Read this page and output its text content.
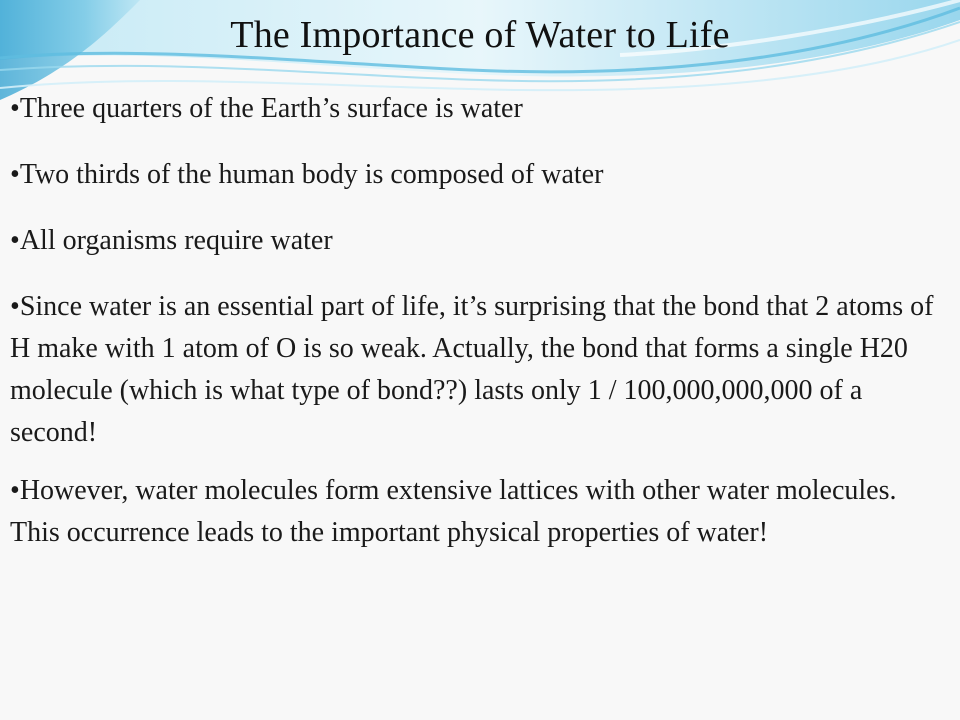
The Importance of Water to Life
•Three quarters of the Earth’s surface is water
•Two thirds of the human body is composed of water
•All organisms require water
•Since water is an essential part of life, it’s surprising that the bond that 2 atoms of H make with 1 atom of O is so weak. Actually, the bond that forms a single H20 molecule (which is what type of bond??) lasts only 1 / 100,000,000,000 of a second!
•However, water molecules form extensive lattices with other water molecules. This occurrence leads to the important physical properties of water!
